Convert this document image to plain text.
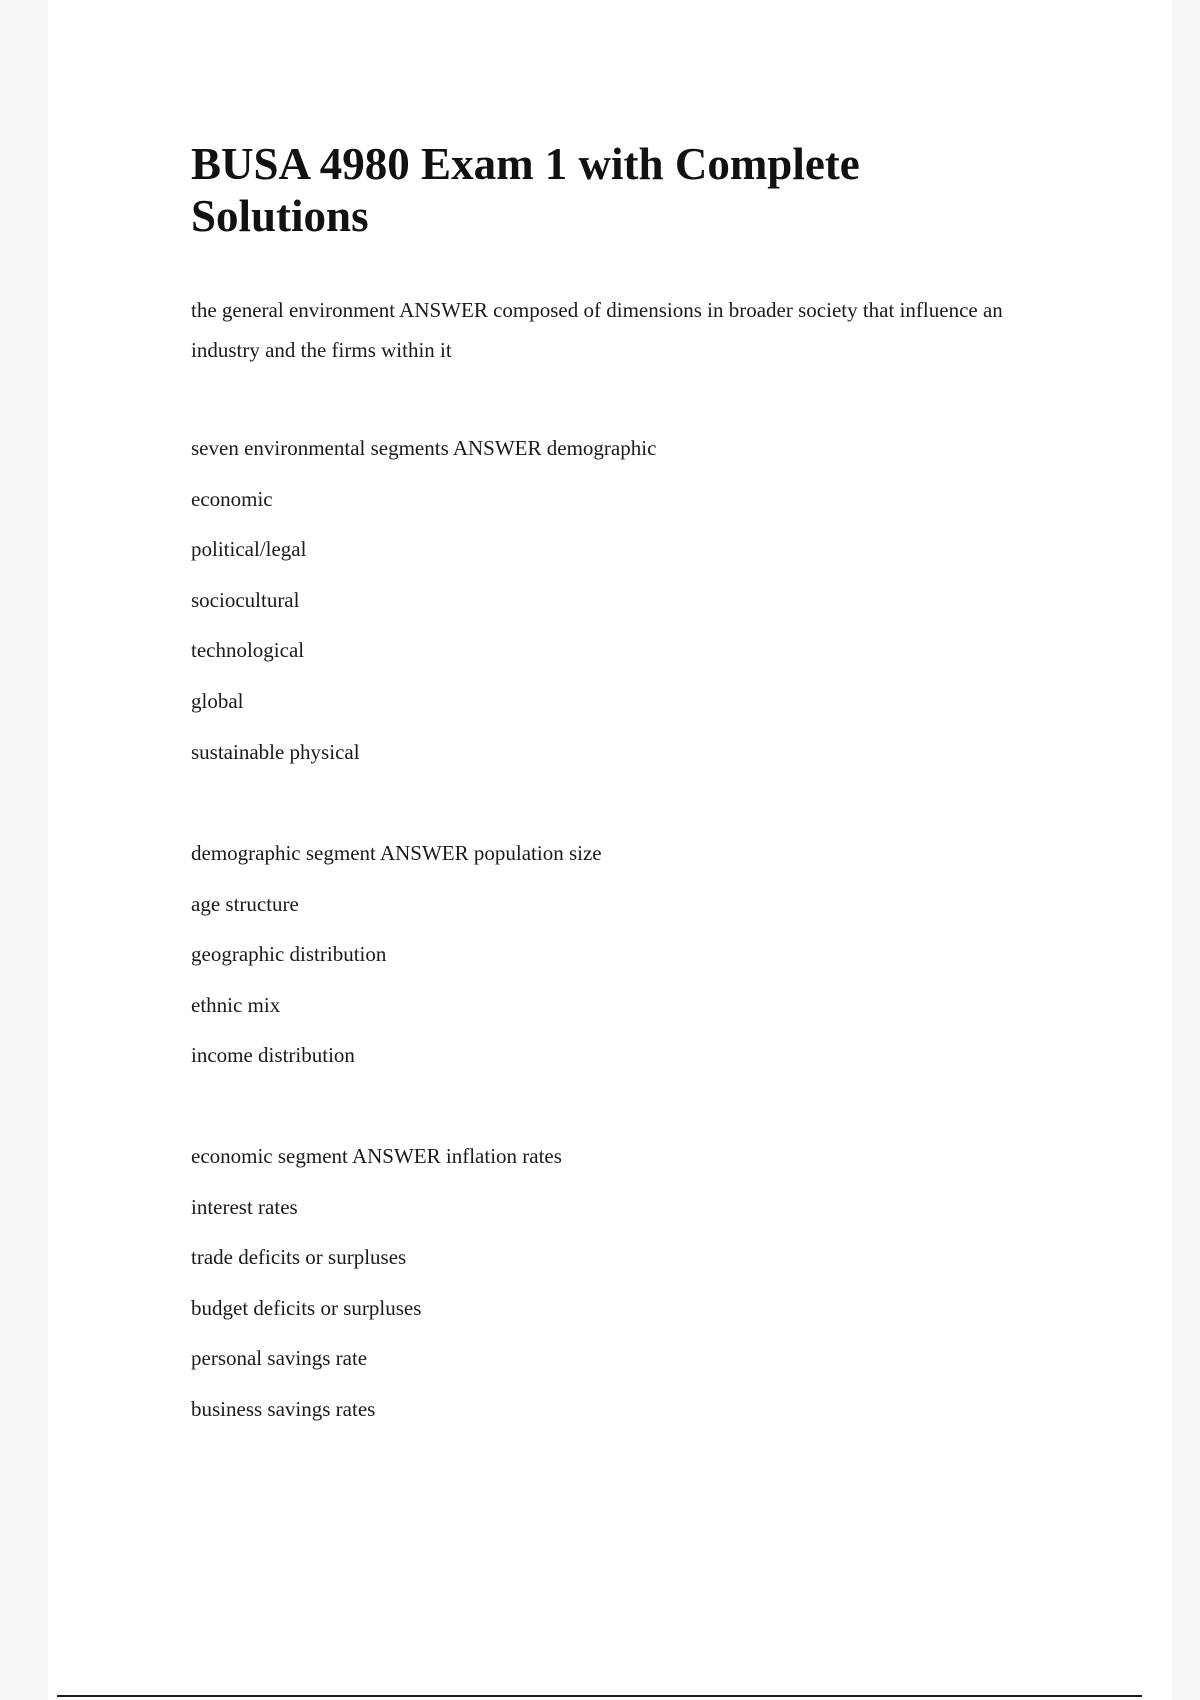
BUSA 4980 Exam 1 with Complete Solutions

the general environment ANSWER composed of dimensions in broader society that influence an industry and the firms within it

seven environmental segments ANSWER demographic
economic
political/legal
sociocultural
technological
global
sustainable physical
demographic segment ANSWER population size
age structure
geographic distribution
ethnic mix
income distribution
economic segment ANSWER inflation rates
interest rates
trade deficits or surpluses
budget deficits or surpluses
personal savings rate
business savings rates
